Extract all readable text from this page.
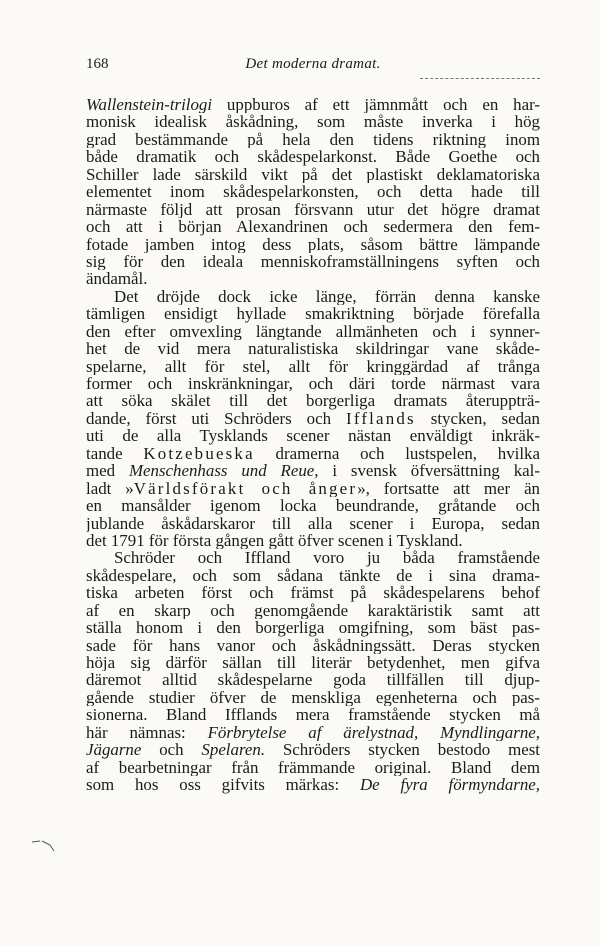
168	Det moderna dramat.
Wallenstein-trilogi uppburos af ett jämnmått och en har-
monisk idealisk åskådning, som måste inverka i hög
grad bestämmande på hela den tidens riktning inom
både dramatik och skådespelarkonst. Både Goethe och
Schiller lade särskild vikt på det plastiskt deklamatoriska
elementet inom skådespelarkonsten, och detta hade till
närmaste följd att prosan försvann utur det högre dramat
och att i början Alexandrinen och sedermera den fem-
fotade jamben intog dess plats, såsom bättre lämpande
sig för den ideala menniskoframställningens syften och
ändamål.
Det dröjde dock icke länge, förrän denna kanske
tämligen ensidigt hyllade smakriktning började förefalla
den efter omvexling längtande allmänheten och i synner-
het de vid mera naturalistiska skildringar vane skåde-
spelarne, allt för stel, allt för kringgärdad af trånga
former och inskränkningar, och däri torde närmast vara
att söka skälet till det borgerliga dramats återuppträ-
dande, först uti Schröders och Ifflands stycken, sedan
uti de alla Tysklands scener nästan enväldigt inkräk-
tande Kotzebueska dramerna och lustspelen, hvilka
med Menschenhass und Reue, i svensk öfversättning kal-
ladt »Världsförakt och ånger», fortsatte att mer än
en mansålder igenom locka beundrande, gråtande och
jublande åskådarskaror till alla scener i Europa, sedan
det 1791 för första gången gått öfver scenen i Tyskland.
Schröder och Iffland voro ju båda framstående
skådespelare, och som sådana tänkte de i sina drama-
tiska arbeten först och främst på skådespelarens behof
af en skarp och genomgående karaktäristik samt att
ställa honom i den borgerliga omgifning, som bäst pas-
sade för hans vanor och åskådningssätt. Deras stycken
höja sig därför sällan till literär betydenhet, men gifva
däremot alltid skådespelarne goda tillfällen till djup-
gående studier öfver de menskliga egenheterna och pas-
sionerna. Bland Ifflands mera framstående stycken må
här nämnas: Förbrytelse af ärelystnad, Myndlingarne,
Jägarne och Spelaren. Schröders stycken bestodo mest
af bearbetningar från främmande original. Bland dem
som hos oss gifvits märkas: De fyra förmyndarne,
